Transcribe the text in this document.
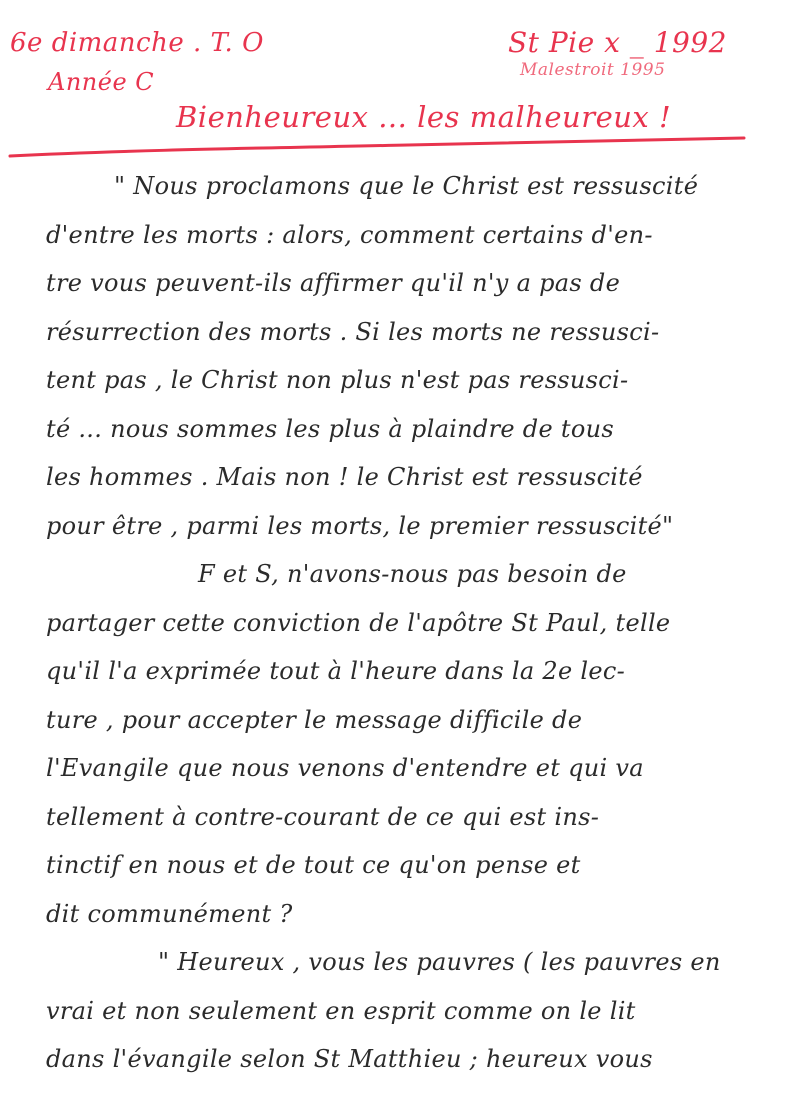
6e dimanche . T. O
Année C
St Pie x _ 1992
Malestroit 1995
Bienheureux ... les malheureux !
" Nous proclamons que le Christ est ressuscité
d'entre les morts : alors, comment certains d'en-
tre vous peuvent-ils affirmer qu'il n'y a pas de
résurrection des morts . Si les morts ne ressusci-
tent pas , le Christ non plus n'est pas ressusci-
té ... nous sommes les plus à plaindre de tous
les hommes . Mais non ! le Christ est ressuscité
pour être , parmi les morts, le premier ressuscité"
F et S, n'avons-nous pas besoin de
partager cette conviction de l'apôtre St Paul, telle
qu'il l'a exprimée tout à l'heure dans la 2e lec-
ture , pour accepter le message difficile de
l'Evangile que nous venons d'entendre et qui va
tellement à contre-courant de ce qui est ins-
tinctif en nous et de tout ce qu'on pense et
dit communément ?
" Heureux , vous les pauvres ( les pauvres en
vrai et non seulement en esprit comme on le lit
dans l'évangile selon St Matthieu ; heureux vous
